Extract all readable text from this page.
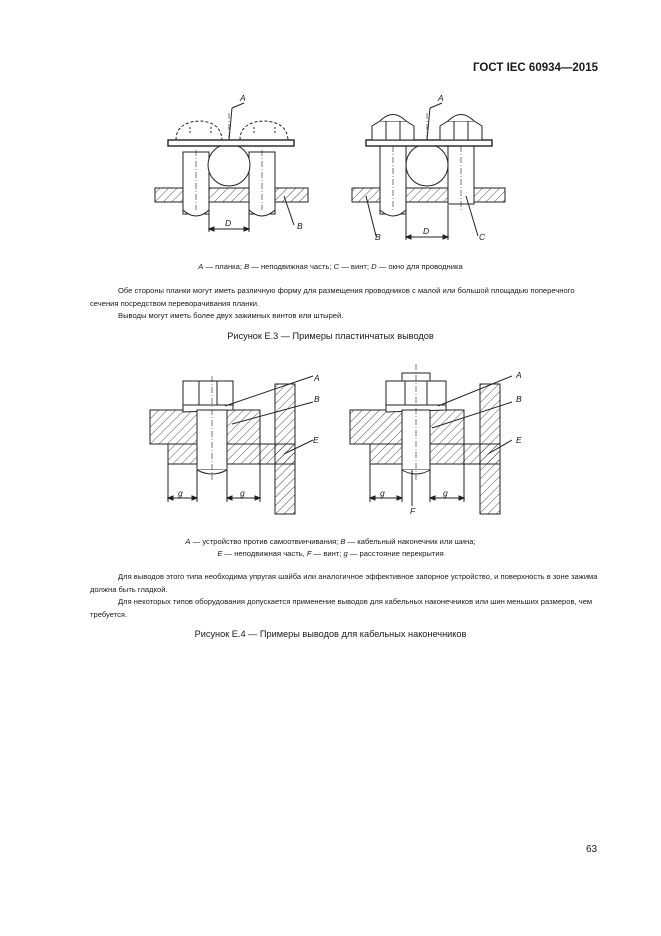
ГОСТ IEC 60934—2015
A
D	B
A
B
D
C
A
B
E
g	g
A
B
E
g	g
F
A — планка; B — неподвижная часть; C — винт; D — окно для проводника

Обе стороны планки могут иметь различную форму для размещения проводников с малой или большой площадью поперечного сечения посредством переворачивания планки.

Выводы могут иметь более двух зажимных винтов или штырей.

Рисунок E.3 — Примеры пластинчатых выводов
A — устройство против самоотвинчивания; B — кабельный наконечник или шина;
E — неподвижная часть, F — винт; g — расстояние перекрытия

Для выводов этого типа необходима упругая шайба или аналогичное эффективное запорное устройство, и поверхность в зоне зажима должна быть гладкой.

Для некоторых типов оборудования допускается применение выводов для кабельных наконечников или шин меньших размеров, чем требуется.

Рисунок E.4 — Примеры выводов для кабельных наконечников
63
